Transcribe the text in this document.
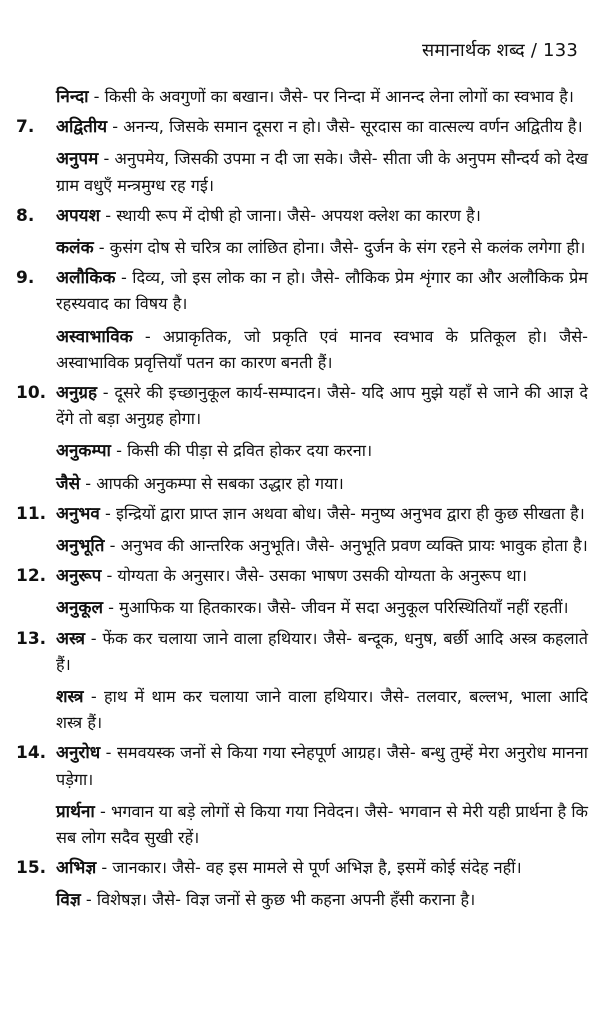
समानार्थक शब्द / 133

निन्दा - किसी के अवगुणों का बखान। जैसे- पर निन्दा में आनन्द लेना लोगों का स्वभाव है।

7.	अद्वितीय - अनन्य, जिसके समान दूसरा न हो। जैसे- सूरदास का वात्सल्य वर्णन अद्वितीय है।

अनुपम - अनुपमेय, जिसकी उपमा न दी जा सके। जैसे- सीता जी के अनुपम सौन्दर्य को देख ग्राम वधुएँ मन्त्रमुग्ध रह गई।

8.	अपयश - स्थायी रूप में दोषी हो जाना। जैसे- अपयश क्लेश का कारण है।

कलंक - कुसंग दोष से चरित्र का लांछित होना। जैसे- दुर्जन के संग रहने से कलंक लगेगा ही।

9.	अलौकिक - दिव्य, जो इस लोक का न हो। जैसे- लौकिक प्रेम शृंगार का और अलौकिक प्रेम रहस्यवाद का विषय है।

अस्वाभाविक - अप्राकृतिक, जो प्रकृति एवं मानव स्वभाव के प्रतिकूल हो। जैसे- अस्वाभाविक प्रवृत्तियाँ पतन का कारण बनती हैं।

10. अनुग्रह - दूसरे की इच्छानुकूल कार्य-सम्पादन। जैसे- यदि आप मुझे यहाँ से जाने की आज्ञ दे देंगे तो बड़ा अनुग्रह होगा।

अनुकम्पा - किसी की पीड़ा से द्रवित होकर दया करना।

जैसे - आपकी अनुकम्पा से सबका उद्धार हो गया।

11. अनुभव - इन्द्रियों द्वारा प्राप्त ज्ञान अथवा बोध। जैसे- मनुष्य अनुभव द्वारा ही कुछ सीखता है।

अनुभूति - अनुभव की आन्तरिक अनुभूति। जैसे- अनुभूति प्रवण व्यक्ति प्रायः भावुक होता है।

12. अनुरूप - योग्यता के अनुसार। जैसे- उसका भाषण उसकी योग्यता के अनुरूप था।

अनुकूल - मुआफिक या हितकारक। जैसे- जीवन में सदा अनुकूल परिस्थितियाँ नहीं रहतीं।

13. अस्त्र - फेंक कर चलाया जाने वाला हथियार। जैसे- बन्दूक, धनुष, बर्छी आदि अस्त्र कहलाते हैं।

शस्त्र - हाथ में थाम कर चलाया जाने वाला हथियार। जैसे- तलवार, बल्लभ, भाला आदि शस्त्र हैं।

14. अनुरोध - समवयस्क जनों से किया गया स्नेहपूर्ण आग्रह। जैसे- बन्धु तुम्हें मेरा अनुरोध मानना पड़ेगा।

प्रार्थना - भगवान या बड़े लोगों से किया गया निवेदन। जैसे- भगवान से मेरी यही प्रार्थना है कि सब लोग सदैव सुखी रहें।

15. अभिज्ञ - जानकार। जैसे- वह इस मामले से पूर्ण अभिज्ञ है, इसमें कोई संदेह नहीं।

विज्ञ - विशेषज्ञ। जैसे- विज्ञ जनों से कुछ भी कहना अपनी हँसी कराना है।
